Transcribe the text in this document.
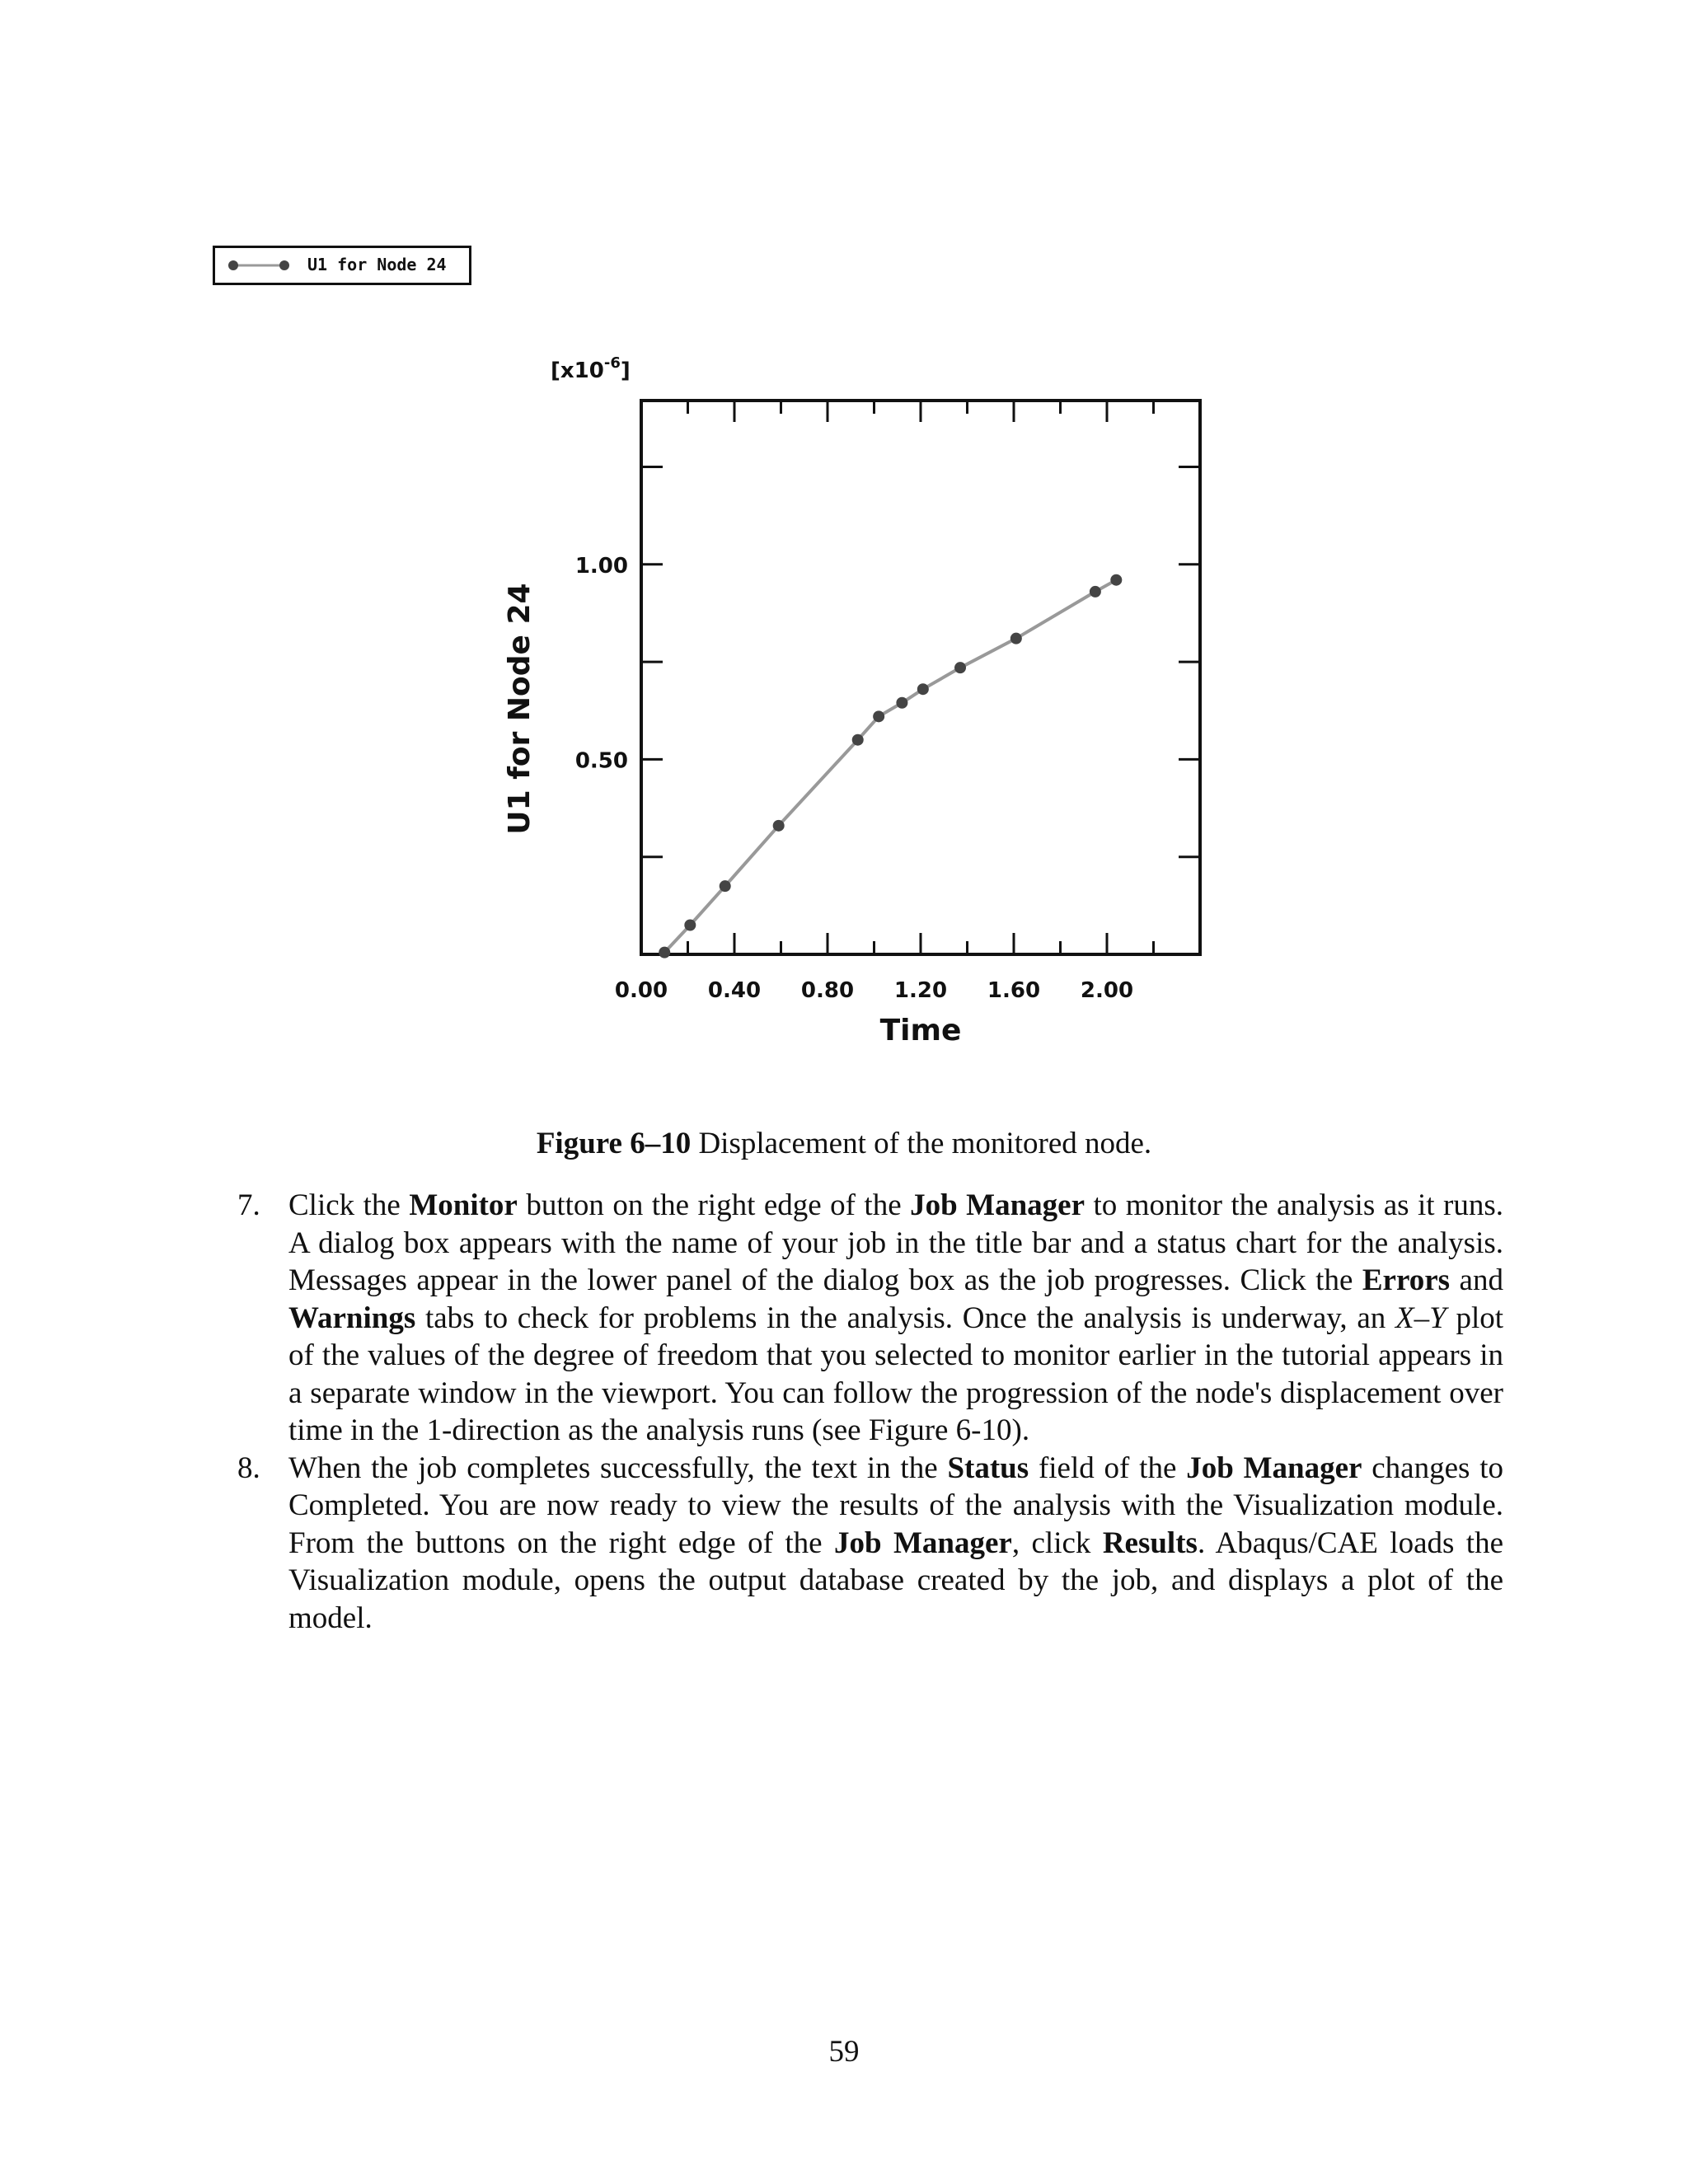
U1 for Node 24
0.00 0.40 0.80 1.20 1.60 2.00
0.50
1.00
Time
U1 for Node 24
$[x10^{-6}]$
Figure 6–10 Displacement of the monitored node.
7. Click the Monitor button on the right edge of the Job Manager to monitor the analysis as it runs. A dialog box appears with the name of your job in the title bar and a status chart for the analysis. Messages appear in the lower panel of the dialog box as the job progresses. Click the Errors and Warnings tabs to check for problems in the analysis. Once the analysis is underway, an X–Y plot of the values of the degree of freedom that you selected to monitor earlier in the tutorial appears in a separate window in the viewport. You can follow the progression of the node's displacement over time in the 1-direction as the analysis runs (see Figure 6-10).
8. When the job completes successfully, the text in the Status field of the Job Manager changes to Completed. You are now ready to view the results of the analysis with the Visualization module. From the buttons on the right edge of the Job Manager, click Results. Abaqus/CAE loads the Visualization module, opens the output database created by the job, and displays a plot of the model.
59
